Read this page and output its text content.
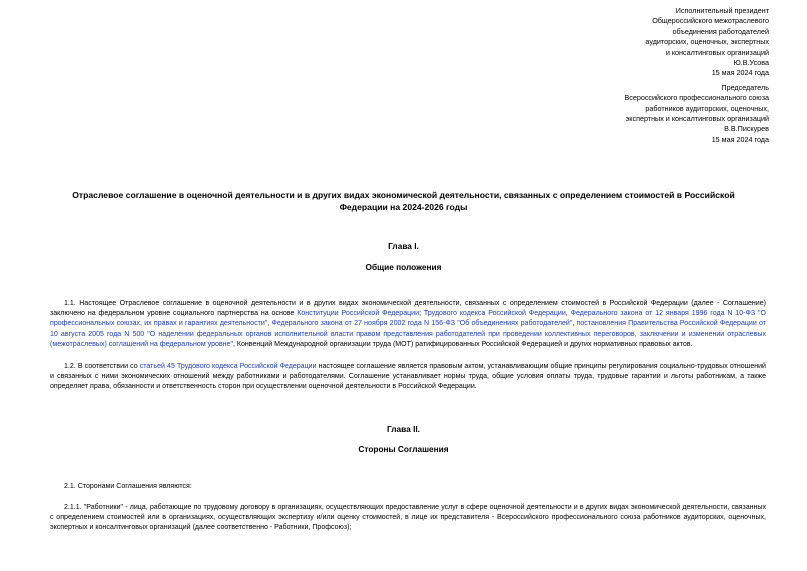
Исполнительный президент
Общероссийского межотраслевого
объединения работодателей
аудиторских, оценочных, экспертных
и консалтинговых организаций
Ю.В.Усова
15 мая 2024 года
Председатель
Всероссийского профессионального союза
работников аудиторских, оценочных,
экспертных и консалтинговых организаций
В.В.Пискурев
15 мая 2024 года
Отраслевое соглашение в оценочной деятельности и в других видах экономической деятельности, связанных с определением стоимостей в Российской Федерации на 2024-2026 годы
Глава I.
Общие положения
1.1. Настоящее Отраслевое соглашение в оценочной деятельности и в других видах экономической деятельности, связанных с определением стоимостей в Российской Федерации (далее - Соглашение) заключено на федеральном уровне социального партнерства на основе Конституции Российской Федерации; Трудового кодекса Российской Федерации, Федерального закона от 12 января 1996 года N 10-ФЗ "О профессиональных союзах, их правах и гарантиях деятельности", Федерального закона от 27 ноября 2002 года N 156-ФЗ "Об объединениях работодателей", постановления Правительства Российской Федерации от 10 августа 2005 года N 500 "О наделении федеральных органов исполнительной власти правом представления работодателей при проведении коллективных переговоров, заключении и изменении отраслевых (межотраслевых) соглашений на федеральном уровне", Конвенций Международной организации труда (МОТ) ратифицированных Российской Федерацией и других нормативных правовых актов.
1.2. В соответствии со статьей 45 Трудового кодекса Российской Федерации настоящее соглашение является правовым актом, устанавливающим общие принципы регулирования социально-трудовых отношений и связанных с ними экономических отношений между работниками и работодателями. Соглашение устанавливает нормы труда, общие условия оплаты труда, трудовые гарантии и льготы работникам, а также определяет права, обязанности и ответственность сторон при осуществлении оценочной деятельности в Российской Федерации.
Глава II.
Стороны Соглашения
2.1. Сторонами Соглашения являются:
2.1.1. "Работники" - лица, работающие по трудовому договору в организациях, осуществляющих предоставление услуг в сфере оценочной деятельности и в других видах экономической деятельности, связанных с определением стоимостей или в организациях, осуществляющих экспертизу и/или оценку стоимостей, в лице их представителя - Всероссийского профессионального союза работников аудиторских, оценочных, экспертных и консалтинговых организаций (далее соответственно - Работники, Профсоюз);
